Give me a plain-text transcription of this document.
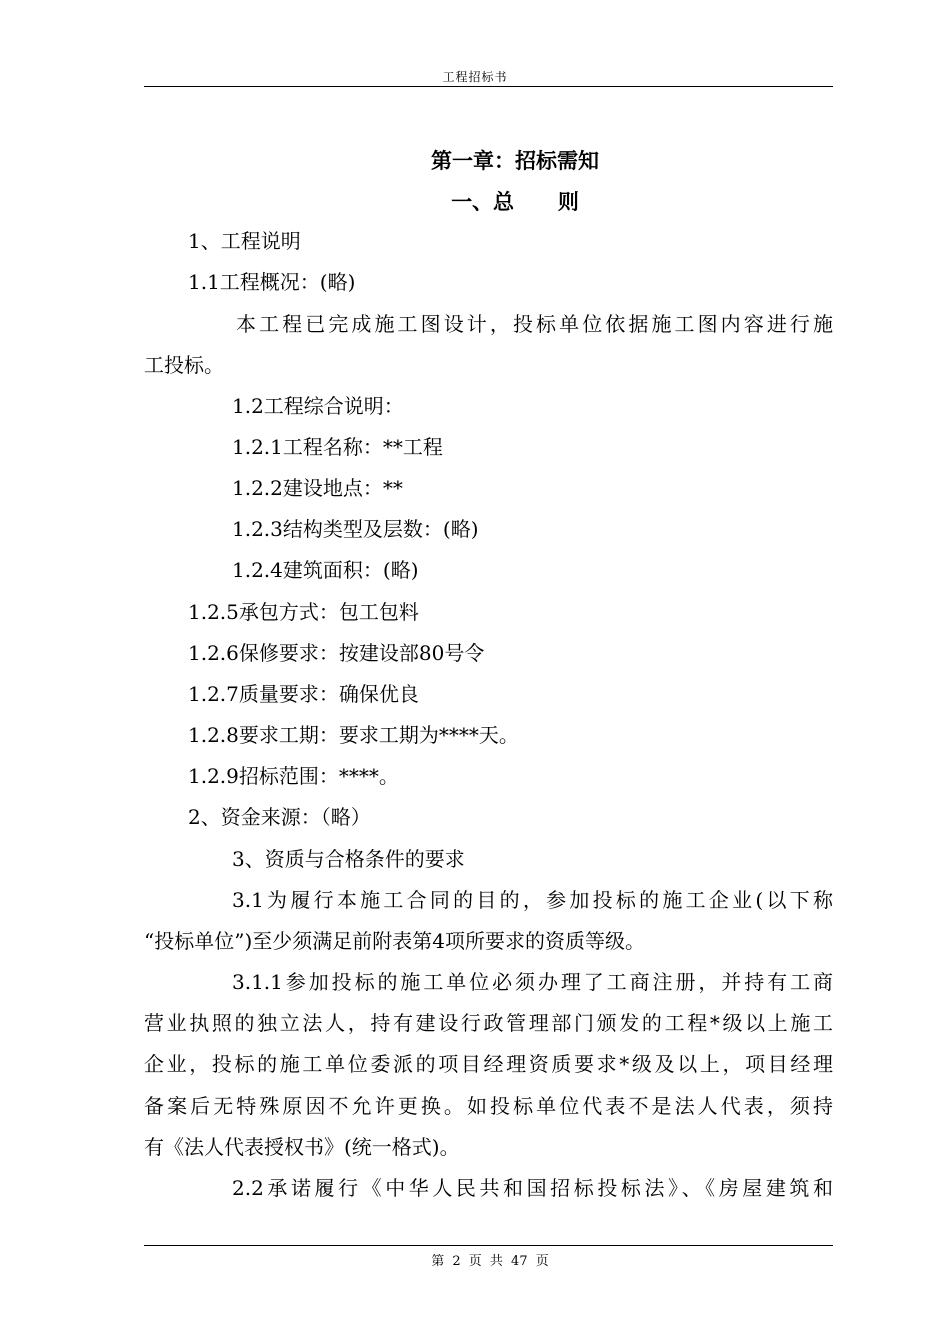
工程招标书
第一章：招标需知
一、总      则
1、工程说明
1.1工程概况：(略)
本工程已完成施工图设计，投标单位依据施工图内容进行施
工投标。
1.2工程综合说明：
1.2.1工程名称：**工程
1.2.2建设地点：**
1.2.3结构类型及层数：(略)
1.2.4建筑面积：(略)
1.2.5承包方式：包工包料
1.2.6保修要求：按建设部80号令
1.2.7质量要求：确保优良
1.2.8要求工期：要求工期为****天。
1.2.9招标范围：****。
2、资金来源：（略）
3、资质与合格条件的要求
3.1为履行本施工合同的目的，参加投标的施工企业(以下称
“投标单位”)至少须满足前附表第4项所要求的资质等级。
3.1.1参加投标的施工单位必须办理了工商注册，并持有工商
营业执照的独立法人，持有建设行政管理部门颁发的工程*级以上施工
企业，投标的施工单位委派的项目经理资质要求*级及以上，项目经理
备案后无特殊原因不允许更换。如投标单位代表不是法人代表，须持
有《法人代表授权书》(统一格式)。
2.2承诺履行《中华人民共和国招标投标法》、《房屋建筑和
第 2 页 共 47 页
